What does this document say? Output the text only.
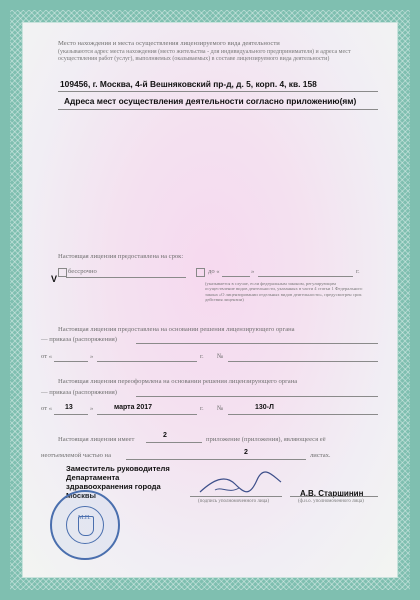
Место нахождения и места осуществления лицензируемого вида деятельности
(указываются адрес места нахождения (место жительства - для индивидуального предпринимателя) и адреса мест осуществления работ (услуг), выполняемых (оказываемых) в составе лицензируемого вида деятельности)
109456, г. Москва, 4-й Вешняковский пр-д, д. 5, корп. 4, кв. 158
Адреса мест осуществления деятельности согласно приложению(ям)
Настоящая лицензия предоставлена на срок:
V
бессрочно	до «	»	г.
(указывается в случае, если федеральным законом, регулирующим осуществление видов деятельности, указанных в части 4 статьи 1 Федерального закона «О лицензировании отдельных видов деятельности», предусмотрен срок действия лицензии)
Настоящая лицензия предоставлена на основании решения лицензирующего органа
— приказа (распоряжения)
от «	»	г. №
Настоящая лицензия переоформлена на основании решения лицензирующего органа
— приказа (распоряжения)
от « 13	»	марта 2017	г. №	130-Л
Настоящая лицензия имеет
2
приложение (приложения), являющееся её
неотъемлемой частью на	2	листах.
Заместитель руководителя
Департамента
здравоохранения города
Москвы
(подпись уполномоченного лица)
А.В. Старшинин
(ф.и.о. уполномоченного лица)
М.П.
